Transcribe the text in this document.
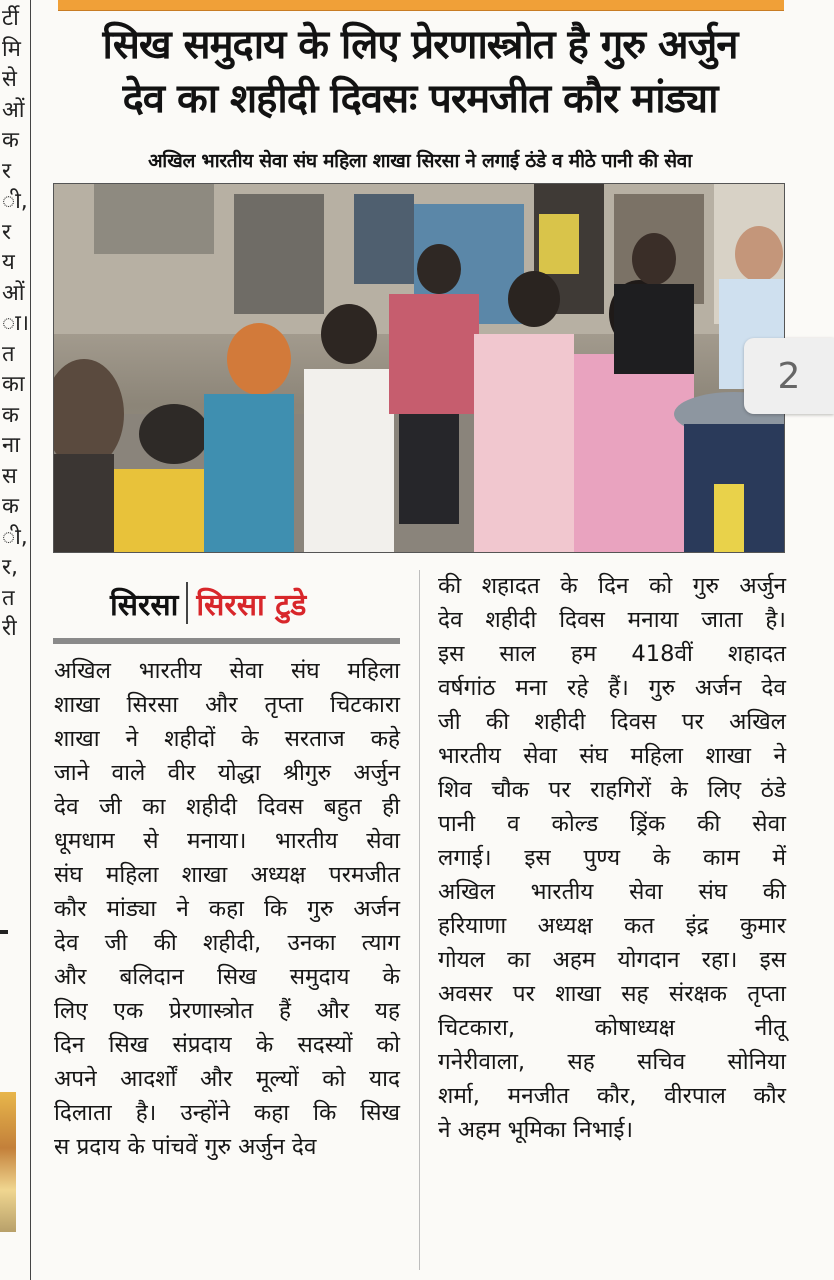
र्टी
मि
से
ओं
क
र
ी,
र
य
ओं
ा।
त
का
क
ना
स
क
ी,
र,
त
री
सिख समुदाय के लिए प्रेरणास्त्रोत है गुरु अर्जुन
देव का शहीदी दिवसः परमजीत कौर मांड्या
अखिल भारतीय सेवा संघ महिला शाखा सिरसा ने लगाई ठंडे व मीठे पानी की सेवा
2
सिरसा सिरसा टुडे
अखिल भारतीय सेवा संघ महिला
शाखा सिरसा और तृप्ता चिटकारा
शाखा ने शहीदों के सरताज कहे
जाने वाले वीर योद्धा श्रीगुरु अर्जुन
देव जी का शहीदी दिवस बहुत ही
धूमधाम से मनाया। भारतीय सेवा
संघ महिला शाखा अध्यक्ष परमजीत
कौर मांड्या ने कहा कि गुरु अर्जन
देव जी की शहीदी, उनका त्याग
और बलिदान सिख समुदाय के
लिए एक प्रेरणास्त्रोत हैं और यह
दिन सिख संप्रदाय के सदस्यों को
अपने आदर्शों और मूल्यों को याद
दिलाता है। उन्होंने कहा कि सिख
स प्रदाय के पांचवें गुरु अर्जुन देव
की शहादत के दिन को गुरु अर्जुन
देव शहीदी दिवस मनाया जाता है।
इस साल हम 418वीं शहादत
वर्षगांठ मना रहे हैं। गुरु अर्जन देव
जी की शहीदी दिवस पर अखिल
भारतीय सेवा संघ महिला शाखा ने
शिव चौक पर राहगिरों के लिए ठंडे
पानी व कोल्ड ड्रिंक की सेवा
लगाई। इस पुण्य के काम में
अखिल भारतीय सेवा संघ की
हरियाणा अध्यक्ष कत इंद्र कुमार
गोयल का अहम योगदान रहा। इस
अवसर पर शाखा सह संरक्षक तृप्ता
चिटकारा, कोषाध्यक्ष नीतू
गनेरीवाला, सह सचिव सोनिया
शर्मा, मनजीत कौर, वीरपाल कौर
ने अहम भूमिका निभाई।
